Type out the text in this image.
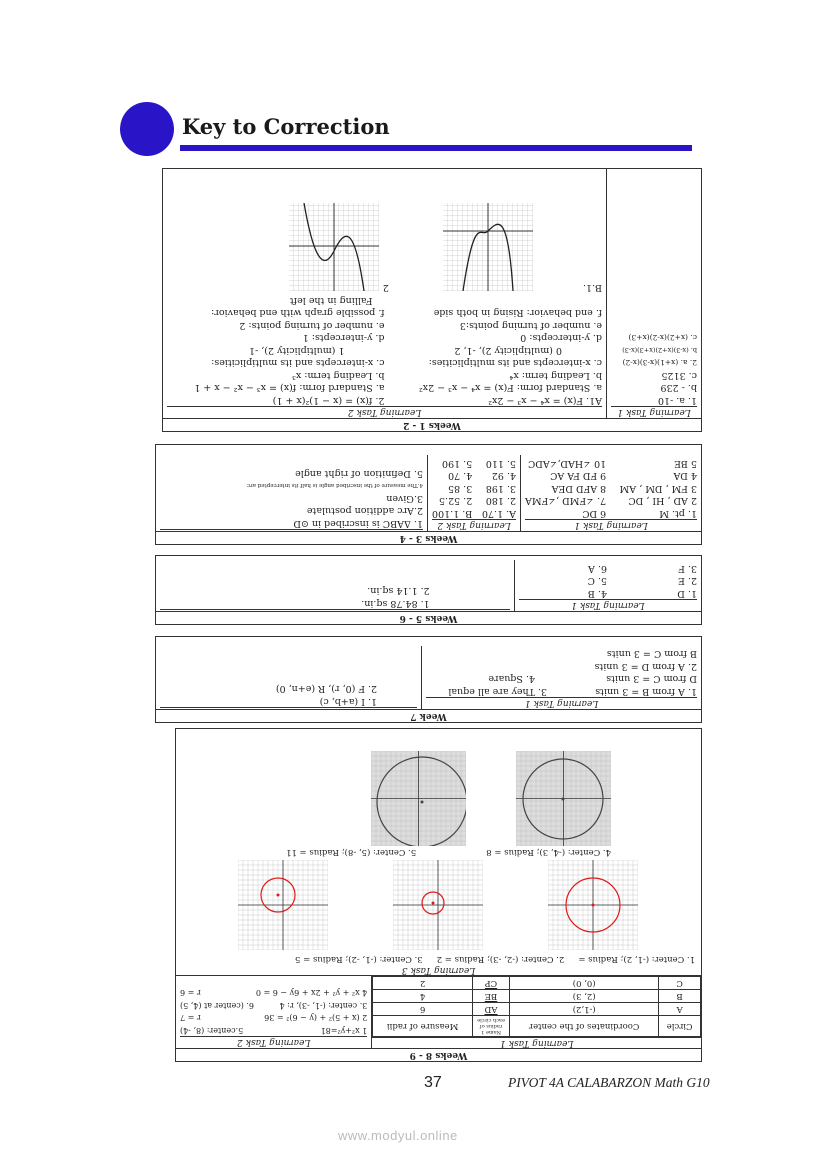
Key to Correction
Weeks 1 - 2
Learning Task 1
1. a. -10
b. - 239
c. 3125
2. a. (x+1)(x-3)(x-2)
b. (x-3)(x+2)(x+3)(x-3)
c. (x+2)(x-2)(x+3)
Learning Task 2
A1. F(x) = x⁴ − x³ − 2x²
a. Standard form: F(x) = x⁴ − x³ − 2x²
b. Leading term: x⁴
c. x-intercepts and its multiplicities:
0 (multiplicity 2), -1, 2
d. y-intercepts: 0
e. number of turning points:3
f. end behavior: Rising in both side
2. f(x) = (x − 1)²(x + 1)
a. Standard form: f(x) = x³ − x² − x + 1
b. Leading term: x³
c. x-intercepts and its multiplicities:
1 (multiplicity 2), -1
d. y-intercepts: 1
e. number of turning points: 2
f. possible graph with end behavior:
Falling in the left
B.1.
2
Weeks 3 - 4
Learning Task 1
1. pt. M
2 AD , HI , DC
3 FM , DM , AM
4 DA
5 BE
6 DC
7. ∠FMD ,∠FMA
8 AFD DEA
9 FD FA AC
10 ∠HAD,∠ADC
Learning Task 2
A. 1.70
2. 180
3. 198
4. 92
5. 110
B. 1.100
2. 52.5
3. 85
4. 70
5. 190
1. ΔABC is inscribed in ⊙D
2.Arc addition postulate
3.Given
4.The measure of the inscribed angle is half its intercepted arc
5. Definition of right angle
Weeks 5 - 6
Learning Task 1
1. D
2. E
3. F
4. B
5. C
6. A
1. 84.78 sq.in.
2. 1.14 sq.in.
Week 7
Learning Task 1
1. A from B = 3 units
D from C = 3 units
2. A from D = 3 units
B from C = 3 units
3. They are all equal
4. Square
1. I (a+b, c)
2. F (0, r), R (e+n, 0)
Weeks 8 - 9
Learning Task 1
Circle	Coordinates of the center	Name 1 radius of each circle	Measure of radii
A	(-1,2)	$\overline{AD}$	6
B	(2, 3)	$\overline{BE}$	4
C	(0, 0)	$\overline{CP}$	2
Learning Task 2
1 x²+y²=81
5.center: (8, -4)
2 (x + 5)² + (y − 6)² = 36
r = 7
3. center: (-1, -3), r: 4
6. (center at (4, 5)
4 x² + y² + 2x + 6y − 6 = 0
r = 6
Learning Task 3
1. Center: (-1, 2); Radius =
2. Center: (-2, -3); Radius = 2
3. Center: (-1, -2); Radius = 5
4. Center: (-4, 3); Radius = 8
5. Center: (5, -8); Radius = 11
37	PIVOT 4A CALABARZON Math G10
www.modyul.online
